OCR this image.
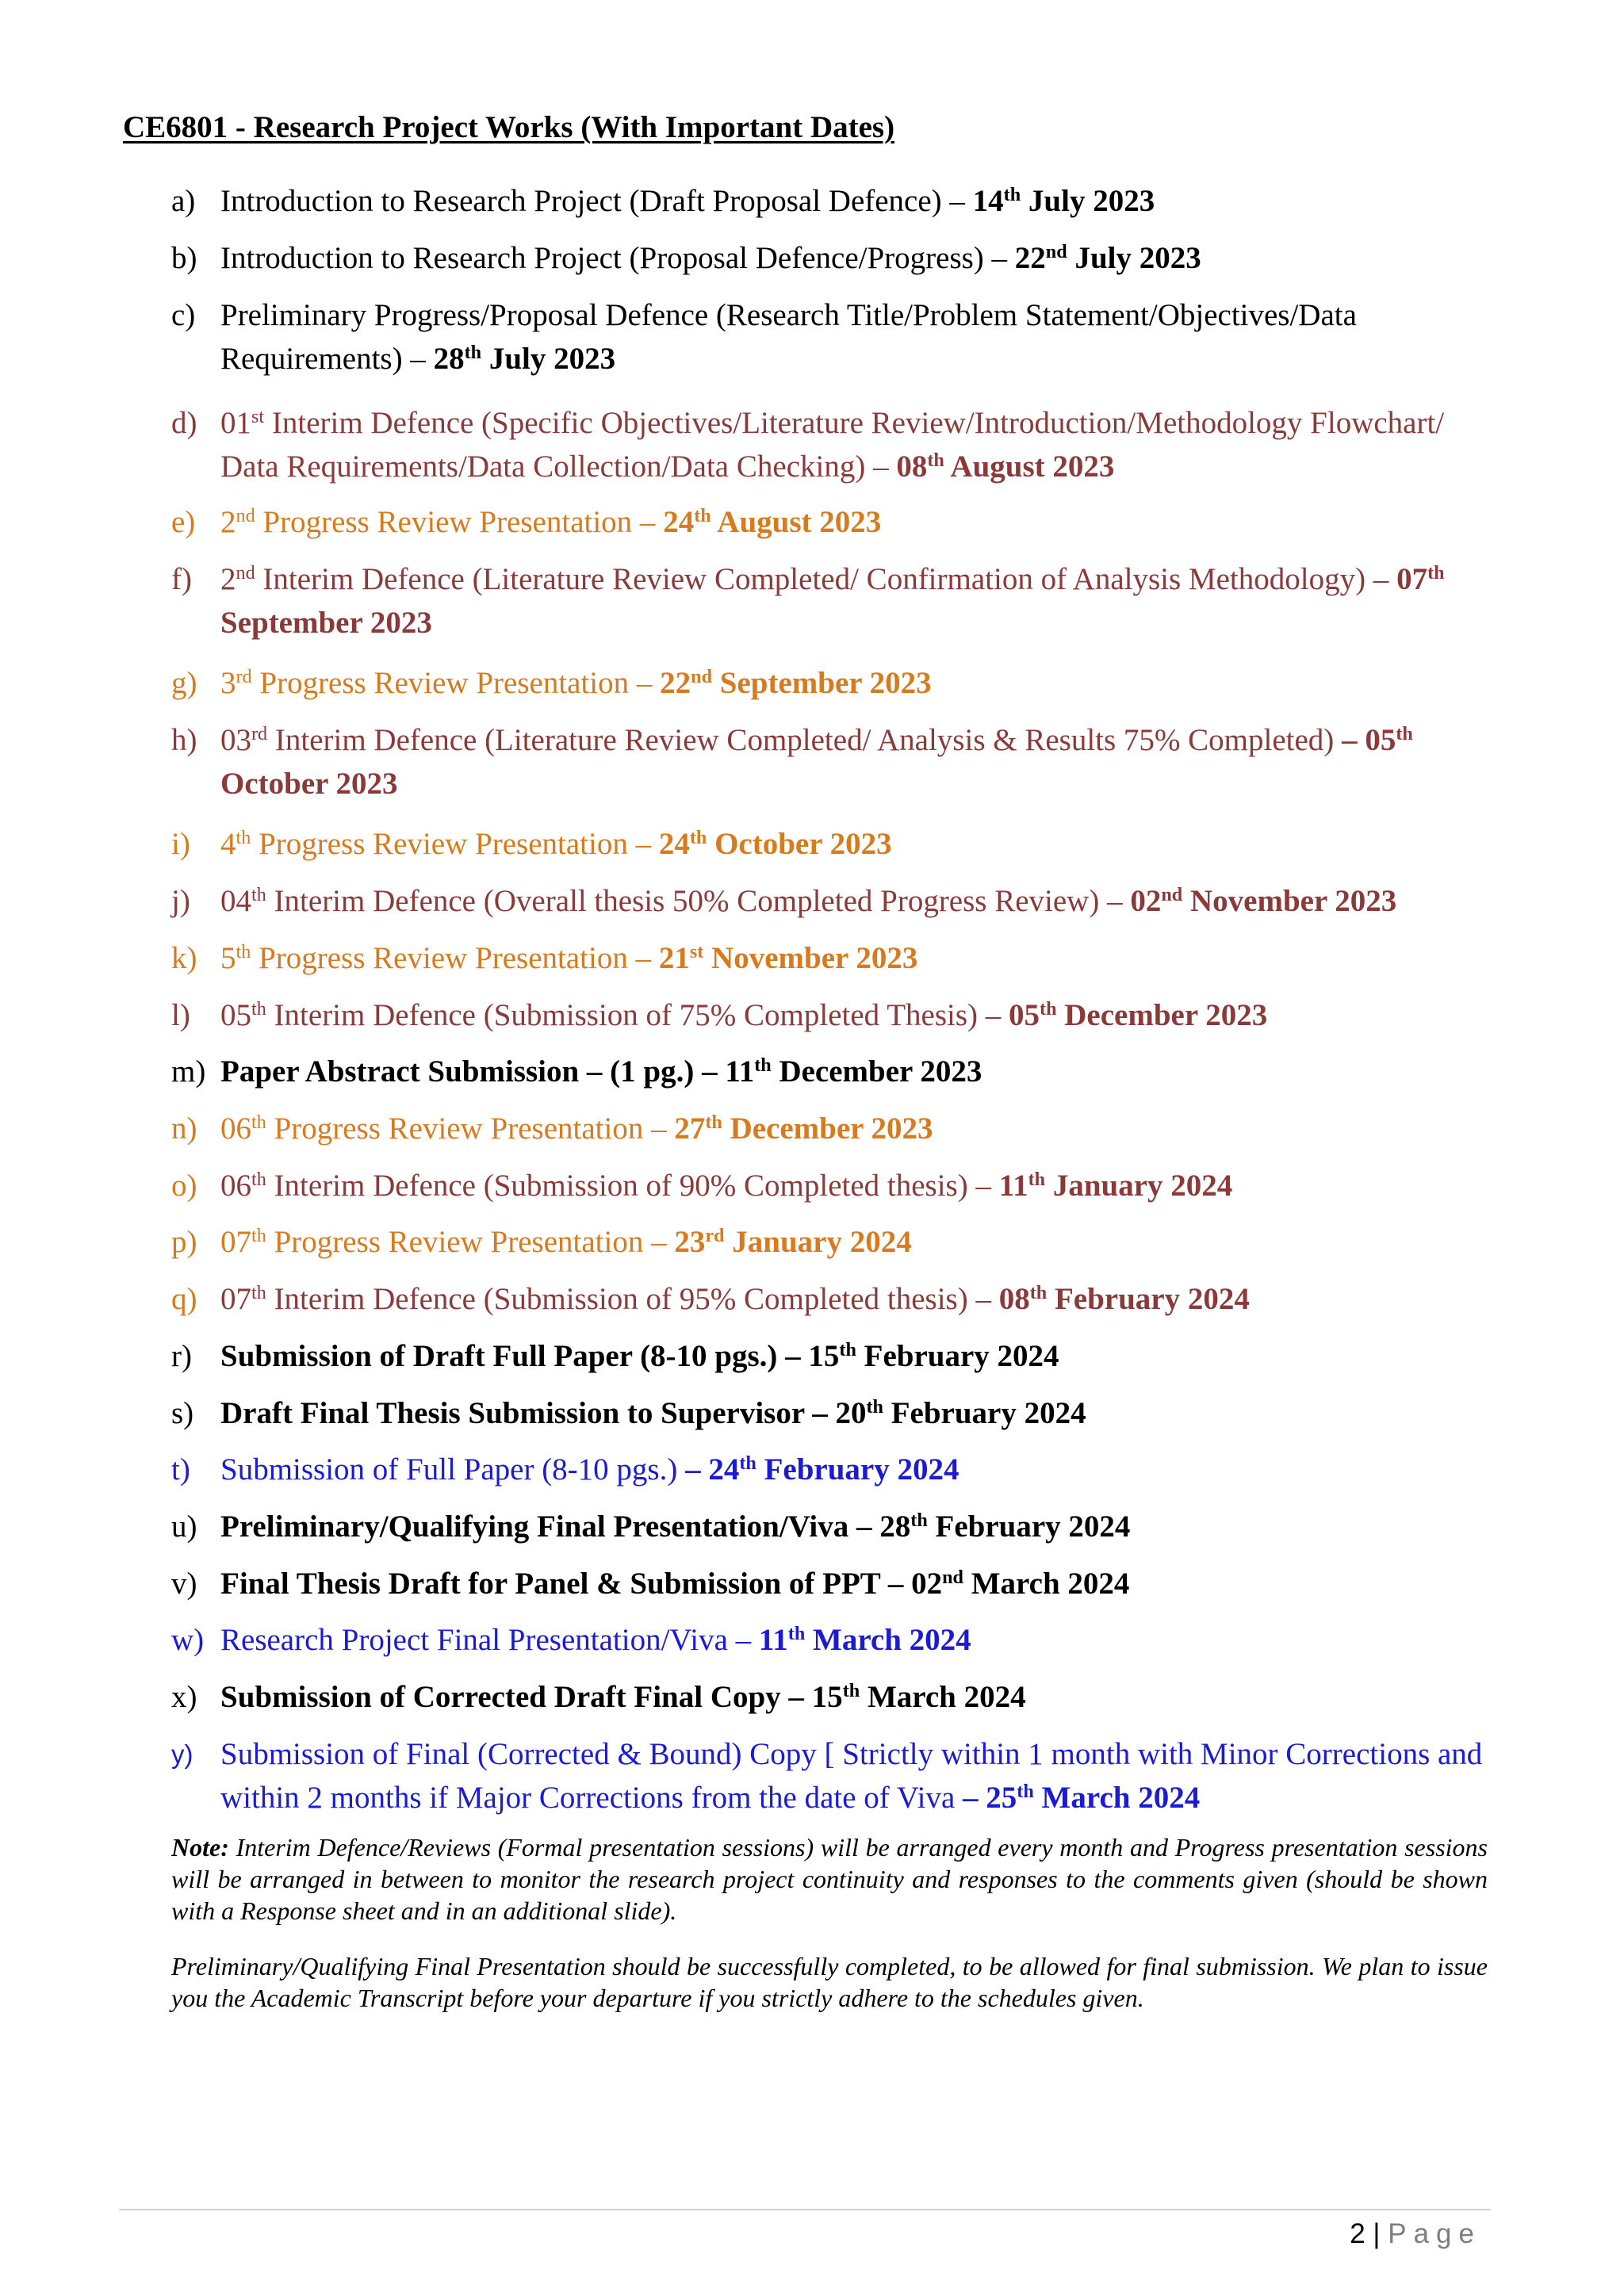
CE6801 - Research Project Works (With Important Dates)
a) Introduction to Research Project (Draft Proposal Defence) – 14th July 2023
b) Introduction to Research Project (Proposal Defence/Progress) – 22nd July 2023
c) Preliminary Progress/Proposal Defence (Research Title/Problem Statement/Objectives/Data Requirements) – 28th July 2023
d) 01st Interim Defence (Specific Objectives/Literature Review/Introduction/Methodology Flowchart/ Data Requirements/Data Collection/Data Checking) – 08th August 2023
e) 2nd Progress Review Presentation – 24th August 2023
f) 2nd Interim Defence (Literature Review Completed/ Confirmation of Analysis Methodology) – 07th September 2023
g) 3rd Progress Review Presentation – 22nd September 2023
h) 03rd Interim Defence (Literature Review Completed/ Analysis & Results 75% Completed) – 05th October 2023
i) 4th Progress Review Presentation – 24th October 2023
j) 04th Interim Defence (Overall thesis 50% Completed Progress Review) – 02nd November 2023
k) 5th Progress Review Presentation – 21st November 2023
l) 05th Interim Defence (Submission of 75% Completed Thesis) – 05th December 2023
m) Paper Abstract Submission – (1 pg.) – 11th December 2023
n) 06th Progress Review Presentation – 27th December 2023
o) 06th Interim Defence (Submission of 90% Completed thesis) – 11th January 2024
p) 07th Progress Review Presentation – 23rd January 2024
q) 07th Interim Defence (Submission of 95% Completed thesis) – 08th February 2024
r) Submission of Draft Full Paper (8-10 pgs.) – 15th February 2024
s) Draft Final Thesis Submission to Supervisor – 20th February 2024
t) Submission of Full Paper (8-10 pgs.) – 24th February 2024
u) Preliminary/Qualifying Final Presentation/Viva – 28th February 2024
v) Final Thesis Draft for Panel & Submission of PPT – 02nd March 2024
w) Research Project Final Presentation/Viva – 11th March 2024
x) Submission of Corrected Draft Final Copy – 15th March 2024
y) Submission of Final (Corrected & Bound) Copy [ Strictly within 1 month with Minor Corrections and within 2 months if Major Corrections from the date of Viva – 25th March 2024
Note: Interim Defence/Reviews (Formal presentation sessions) will be arranged every month and Progress presentation sessions will be arranged in between to monitor the research project continuity and responses to the comments given (should be shown with a Response sheet and in an additional slide).
Preliminary/Qualifying Final Presentation should be successfully completed, to be allowed for final submission. We plan to issue you the Academic Transcript before your departure if you strictly adhere to the schedules given.
2 | Page
